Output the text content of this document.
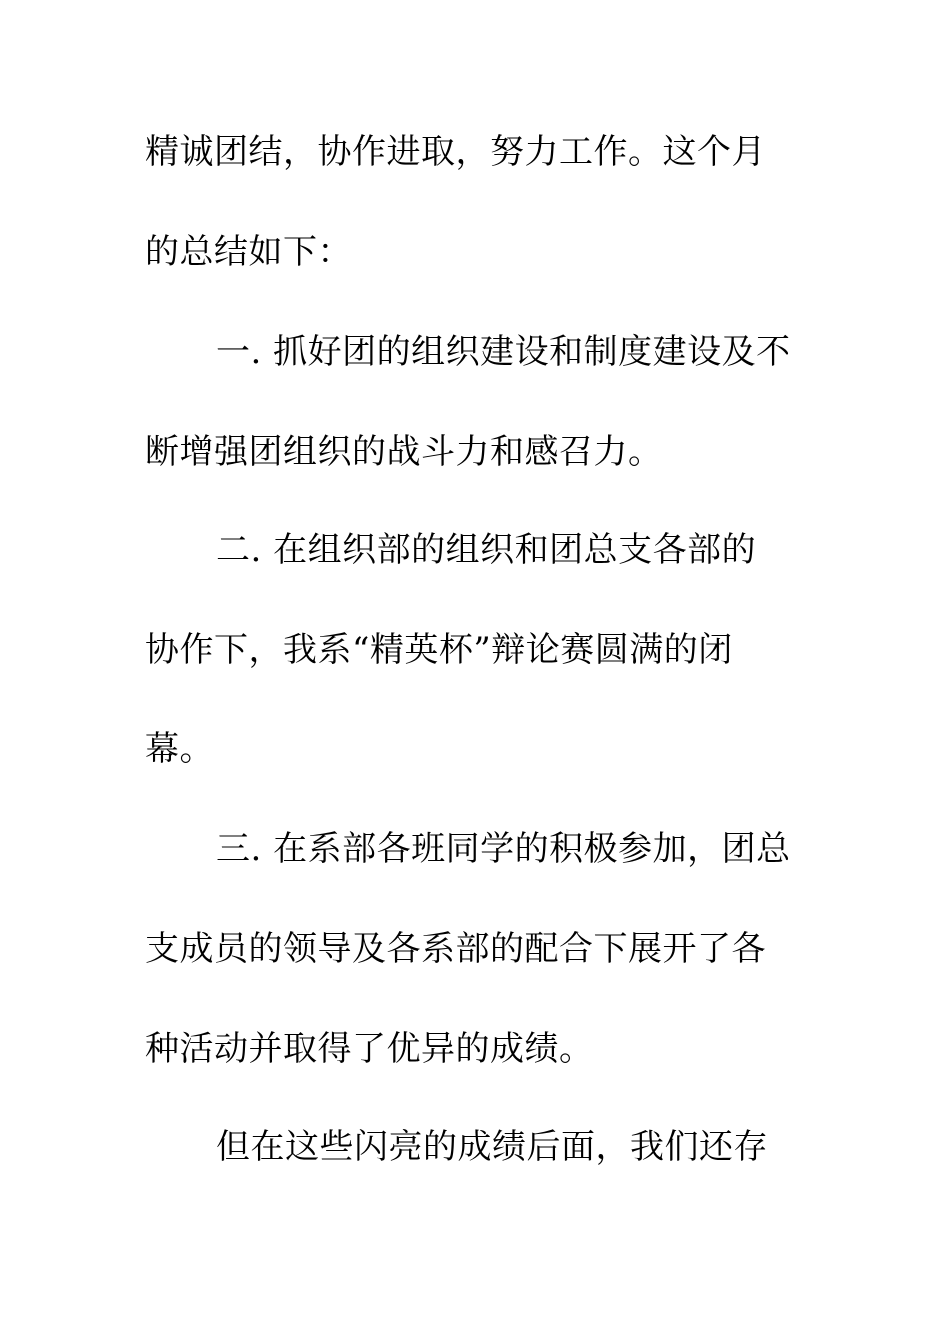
精诚团结，协作进取，努力工作。这个月
的总结如下：
一. 抓好团的组织建设和制度建设及不
断增强团组织的战斗力和感召力。
二. 在组织部的组织和团总支各部的
协作下，我系“精英杯”辩论赛圆满的闭
幕。
三. 在系部各班同学的积极参加，团总
支成员的领导及各系部的配合下展开了各
种活动并取得了优异的成绩。
但在这些闪亮的成绩后面，我们还存
